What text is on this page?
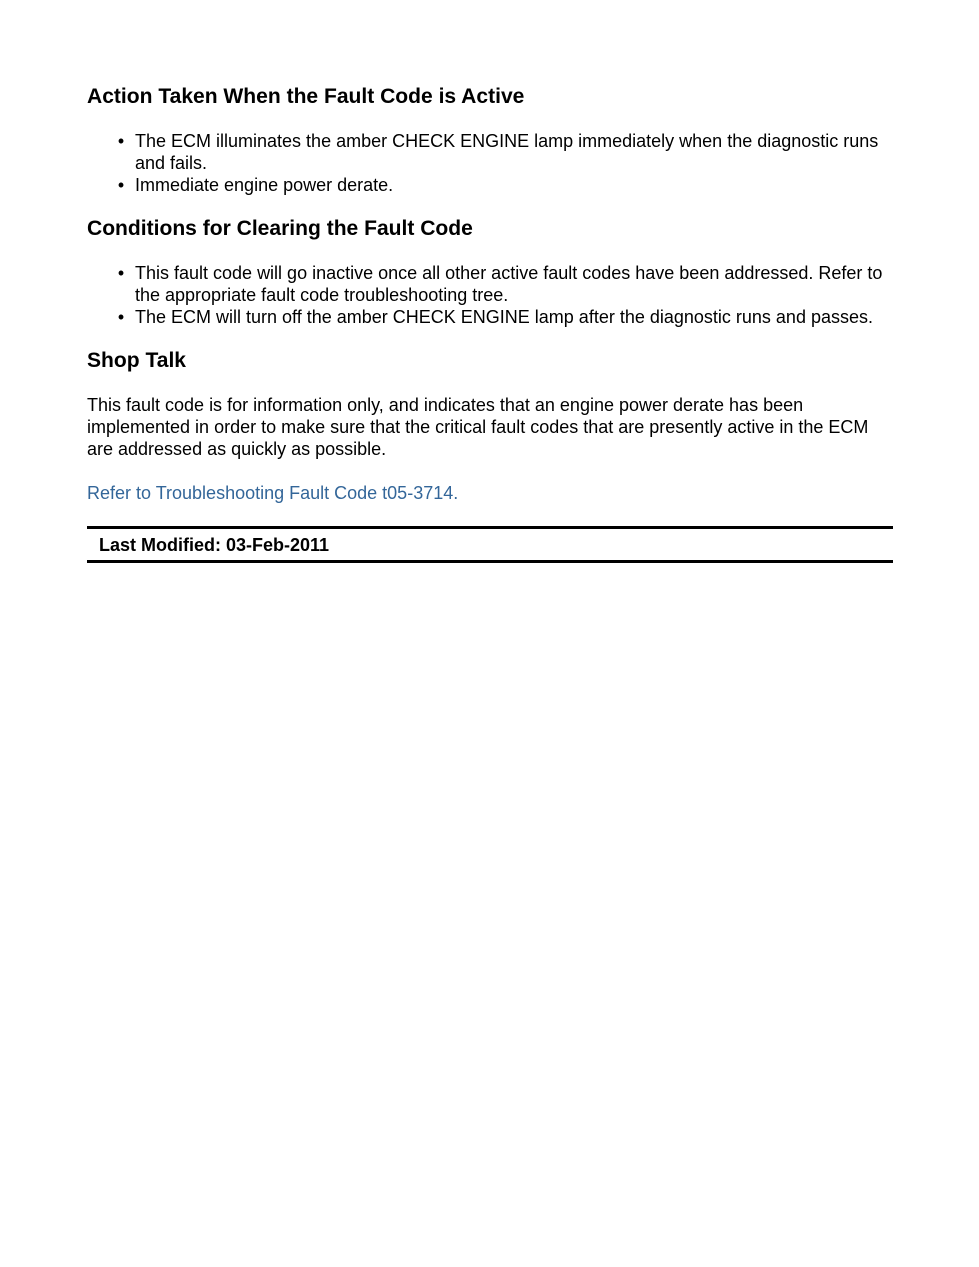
Action Taken When the Fault Code is Active
• The ECM illuminates the amber CHECK ENGINE lamp immediately when the diagnostic runs and fails.
• Immediate engine power derate.
Conditions for Clearing the Fault Code
• This fault code will go inactive once all other active fault codes have been addressed. Refer to the appropriate fault code troubleshooting tree.
• The ECM will turn off the amber CHECK ENGINE lamp after the diagnostic runs and passes.
Shop Talk

This fault code is for information only, and indicates that an engine power derate has been implemented in order to make sure that the critical fault codes that are presently active in the ECM are addressed as quickly as possible.

Refer to Troubleshooting Fault Code t05-3714.
Last Modified: 03-Feb-2011
